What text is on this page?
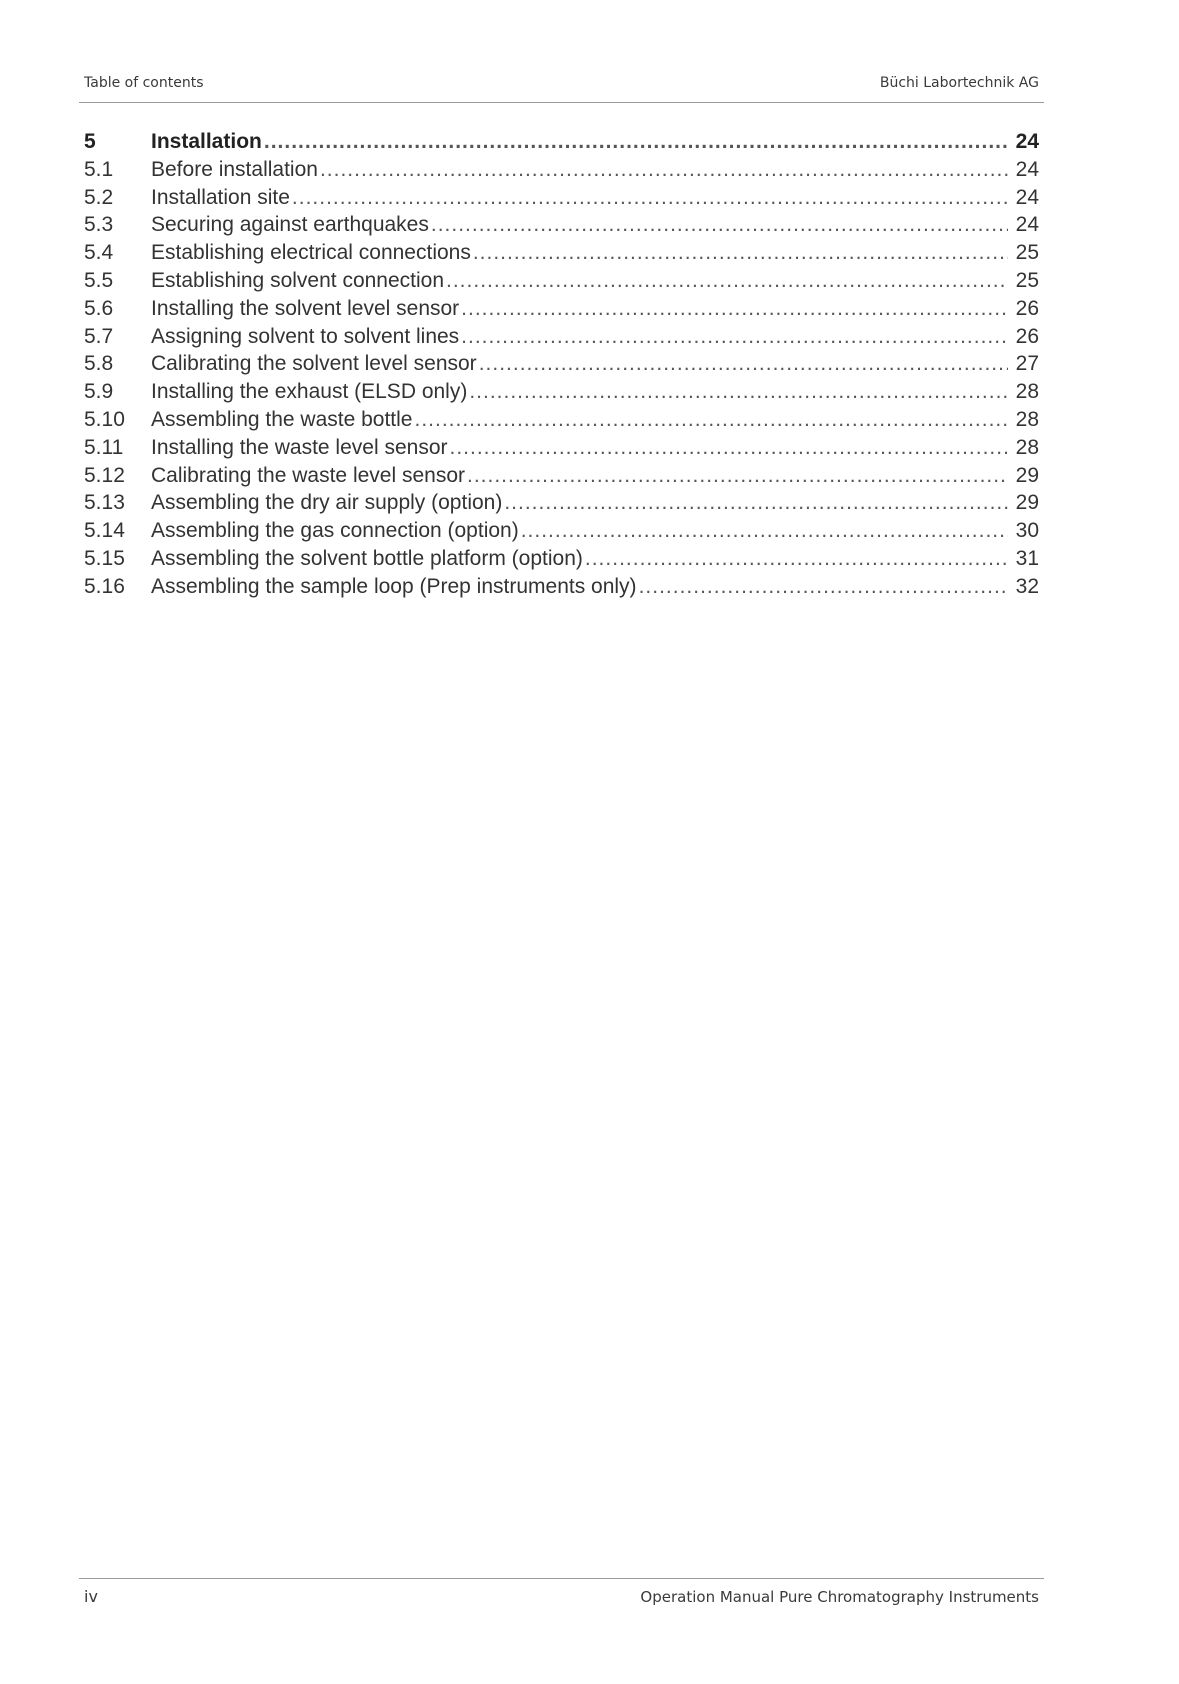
Table of contents	Büchi Labortechnik AG
5	Installation .....	24
5.1 Before installation .....	24
5.2 Installation site .....	24
5.3 Securing against earthquakes .....	24
5.4 Establishing electrical connections .....	25
5.5 Establishing solvent connection .....	25
5.6 Installing the solvent level sensor .....	26
5.7 Assigning solvent to solvent lines .....	26
5.8 Calibrating the solvent level sensor .....	27
5.9 Installing the exhaust (ELSD only) .....	28
5.10 Assembling the waste bottle .....	28
5.11 Installing the waste level sensor .....	28
5.12 Calibrating the waste level sensor .....	29
5.13 Assembling the dry air supply (option) .....	29
5.14 Assembling the gas connection (option) .....	30
5.15 Assembling the solvent bottle platform (option) .....	31
5.16 Assembling the sample loop (Prep instruments only) .....	32
iv	Operation Manual Pure Chromatography Instruments
